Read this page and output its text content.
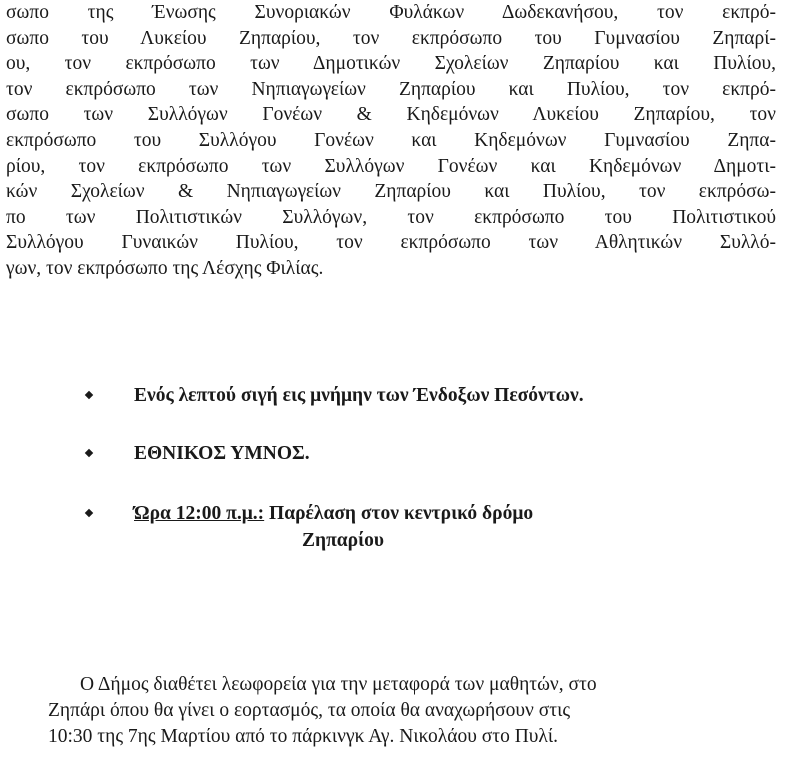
σωπο της Ένωσης Συνοριακών Φυλάκων Δωδεκανήσου, τον εκπρό-
σωπο του Λυκείου Ζηπαρίου, τον εκπρόσωπο του Γυμνασίου Ζηπαρί-
ου, τον εκπρόσωπο των Δημοτικών Σχολείων Ζηπαρίου και Πυλίου,
τον εκπρόσωπο των Νηπιαγωγείων Ζηπαρίου και Πυλίου, τον εκπρό-
σωπο των Συλλόγων Γονέων & Κηδεμόνων Λυκείου Ζηπαρίου, τον
εκπρόσωπο του Συλλόγου Γονέων και Κηδεμόνων Γυμνασίου Ζηπα-
ρίου, τον εκπρόσωπο των Συλλόγων Γονέων και Κηδεμόνων Δημοτι-
κών Σχολείων & Νηπιαγωγείων Ζηπαρίου και Πυλίου, τον εκπρόσω-
πο των Πολιτιστικών Συλλόγων, τον εκπρόσωπο του Πολιτιστικού
Συλλόγου Γυναικών Πυλίου, τον εκπρόσωπο των Αθλητικών Συλλό-
γων, τον εκπρόσωπο της Λέσχης Φιλίας.
Ενός λεπτού σιγή εις μνήμην των Ένδοξων Πεσόντων.
ΕΘΝΙΚΟΣ ΥΜΝΟΣ.
Ώρα 12:00 π.μ.: Παρέλαση στον κεντρικό δρόμο
Ζηπαρίου
Ο Δήμος διαθέτει λεωφορεία για την μεταφορά των μαθητών, στο
Ζηπάρι όπου θα γίνει ο εορτασμός, τα οποία θα αναχωρήσουν στις
10:30 της 7ης Μαρτίου από το πάρκινγκ Αγ. Νικολάου στο Πυλί.
